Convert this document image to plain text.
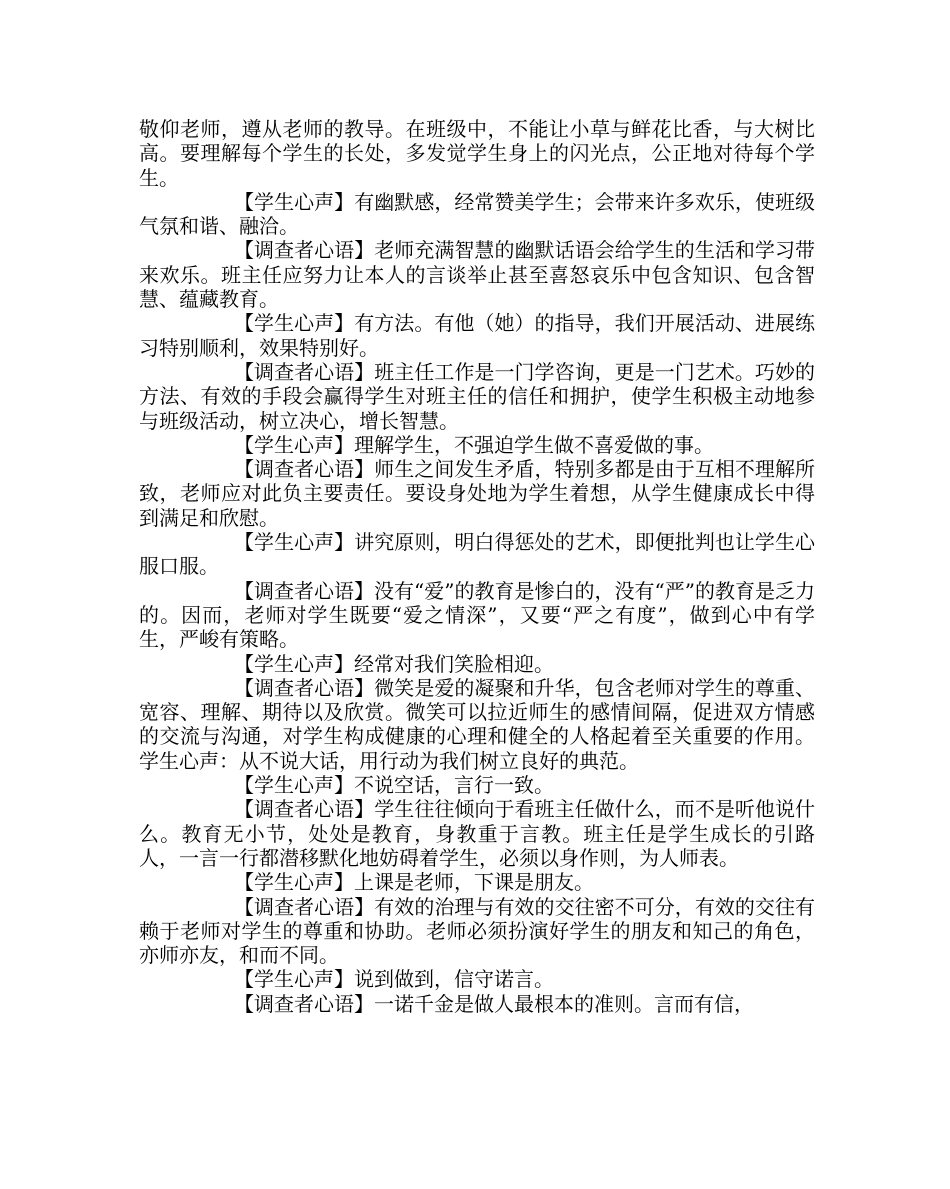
敬仰老师，遵从老师的教导。在班级中，不能让小草与鲜花比香，与大树比高。要理解每个学生的长处，多发觉学生身上的闪光点，公正地对待每个学生。

【学生心声】有幽默感，经常赞美学生；会带来许多欢乐，使班级气氛和谐、融洽。

【调查者心语】老师充满智慧的幽默话语会给学生的生活和学习带来欢乐。班主任应努力让本人的言谈举止甚至喜怒哀乐中包含知识、包含智慧、蕴藏教育。

【学生心声】有方法。有他（她）的指导，我们开展活动、进展练习特别顺利，效果特别好。

【调查者心语】班主任工作是一门学咨询，更是一门艺术。巧妙的方法、有效的手段会赢得学生对班主任的信任和拥护，使学生积极主动地参与班级活动，树立决心，增长智慧。

【学生心声】理解学生，不强迫学生做不喜爱做的事。

【调查者心语】师生之间发生矛盾，特别多都是由于互相不理解所致，老师应对此负主要责任。要设身处地为学生着想，从学生健康成长中得到满足和欣慰。

【学生心声】讲究原则，明白得惩处的艺术，即便批判也让学生心服口服。

【调查者心语】没有“爱”的教育是惨白的，没有“严”的教育是乏力的。因而，老师对学生既要“爱之情深”，又要“严之有度”，做到心中有学生，严峻有策略。

【学生心声】经常对我们笑脸相迎。

【调查者心语】微笑是爱的凝聚和升华，包含老师对学生的尊重、宽容、理解、期待以及欣赏。微笑可以拉近师生的感情间隔，促进双方情感的交流与沟通，对学生构成健康的心理和健全的人格起着至关重要的作用。学生心声：从不说大话，用行动为我们树立良好的典范。

【学生心声】不说空话，言行一致。

【调查者心语】学生往往倾向于看班主任做什么，而不是听他说什么。教育无小节，处处是教育，身教重于言教。班主任是学生成长的引路人，一言一行都潜移默化地妨碍着学生，必须以身作则，为人师表。

【学生心声】上课是老师，下课是朋友。

【调查者心语】有效的治理与有效的交往密不可分，有效的交往有赖于老师对学生的尊重和协助。老师必须扮演好学生的朋友和知己的角色，亦师亦友，和而不同。

【学生心声】说到做到，信守诺言。

【调查者心语】一诺千金是做人最根本的准则。言而有信，
